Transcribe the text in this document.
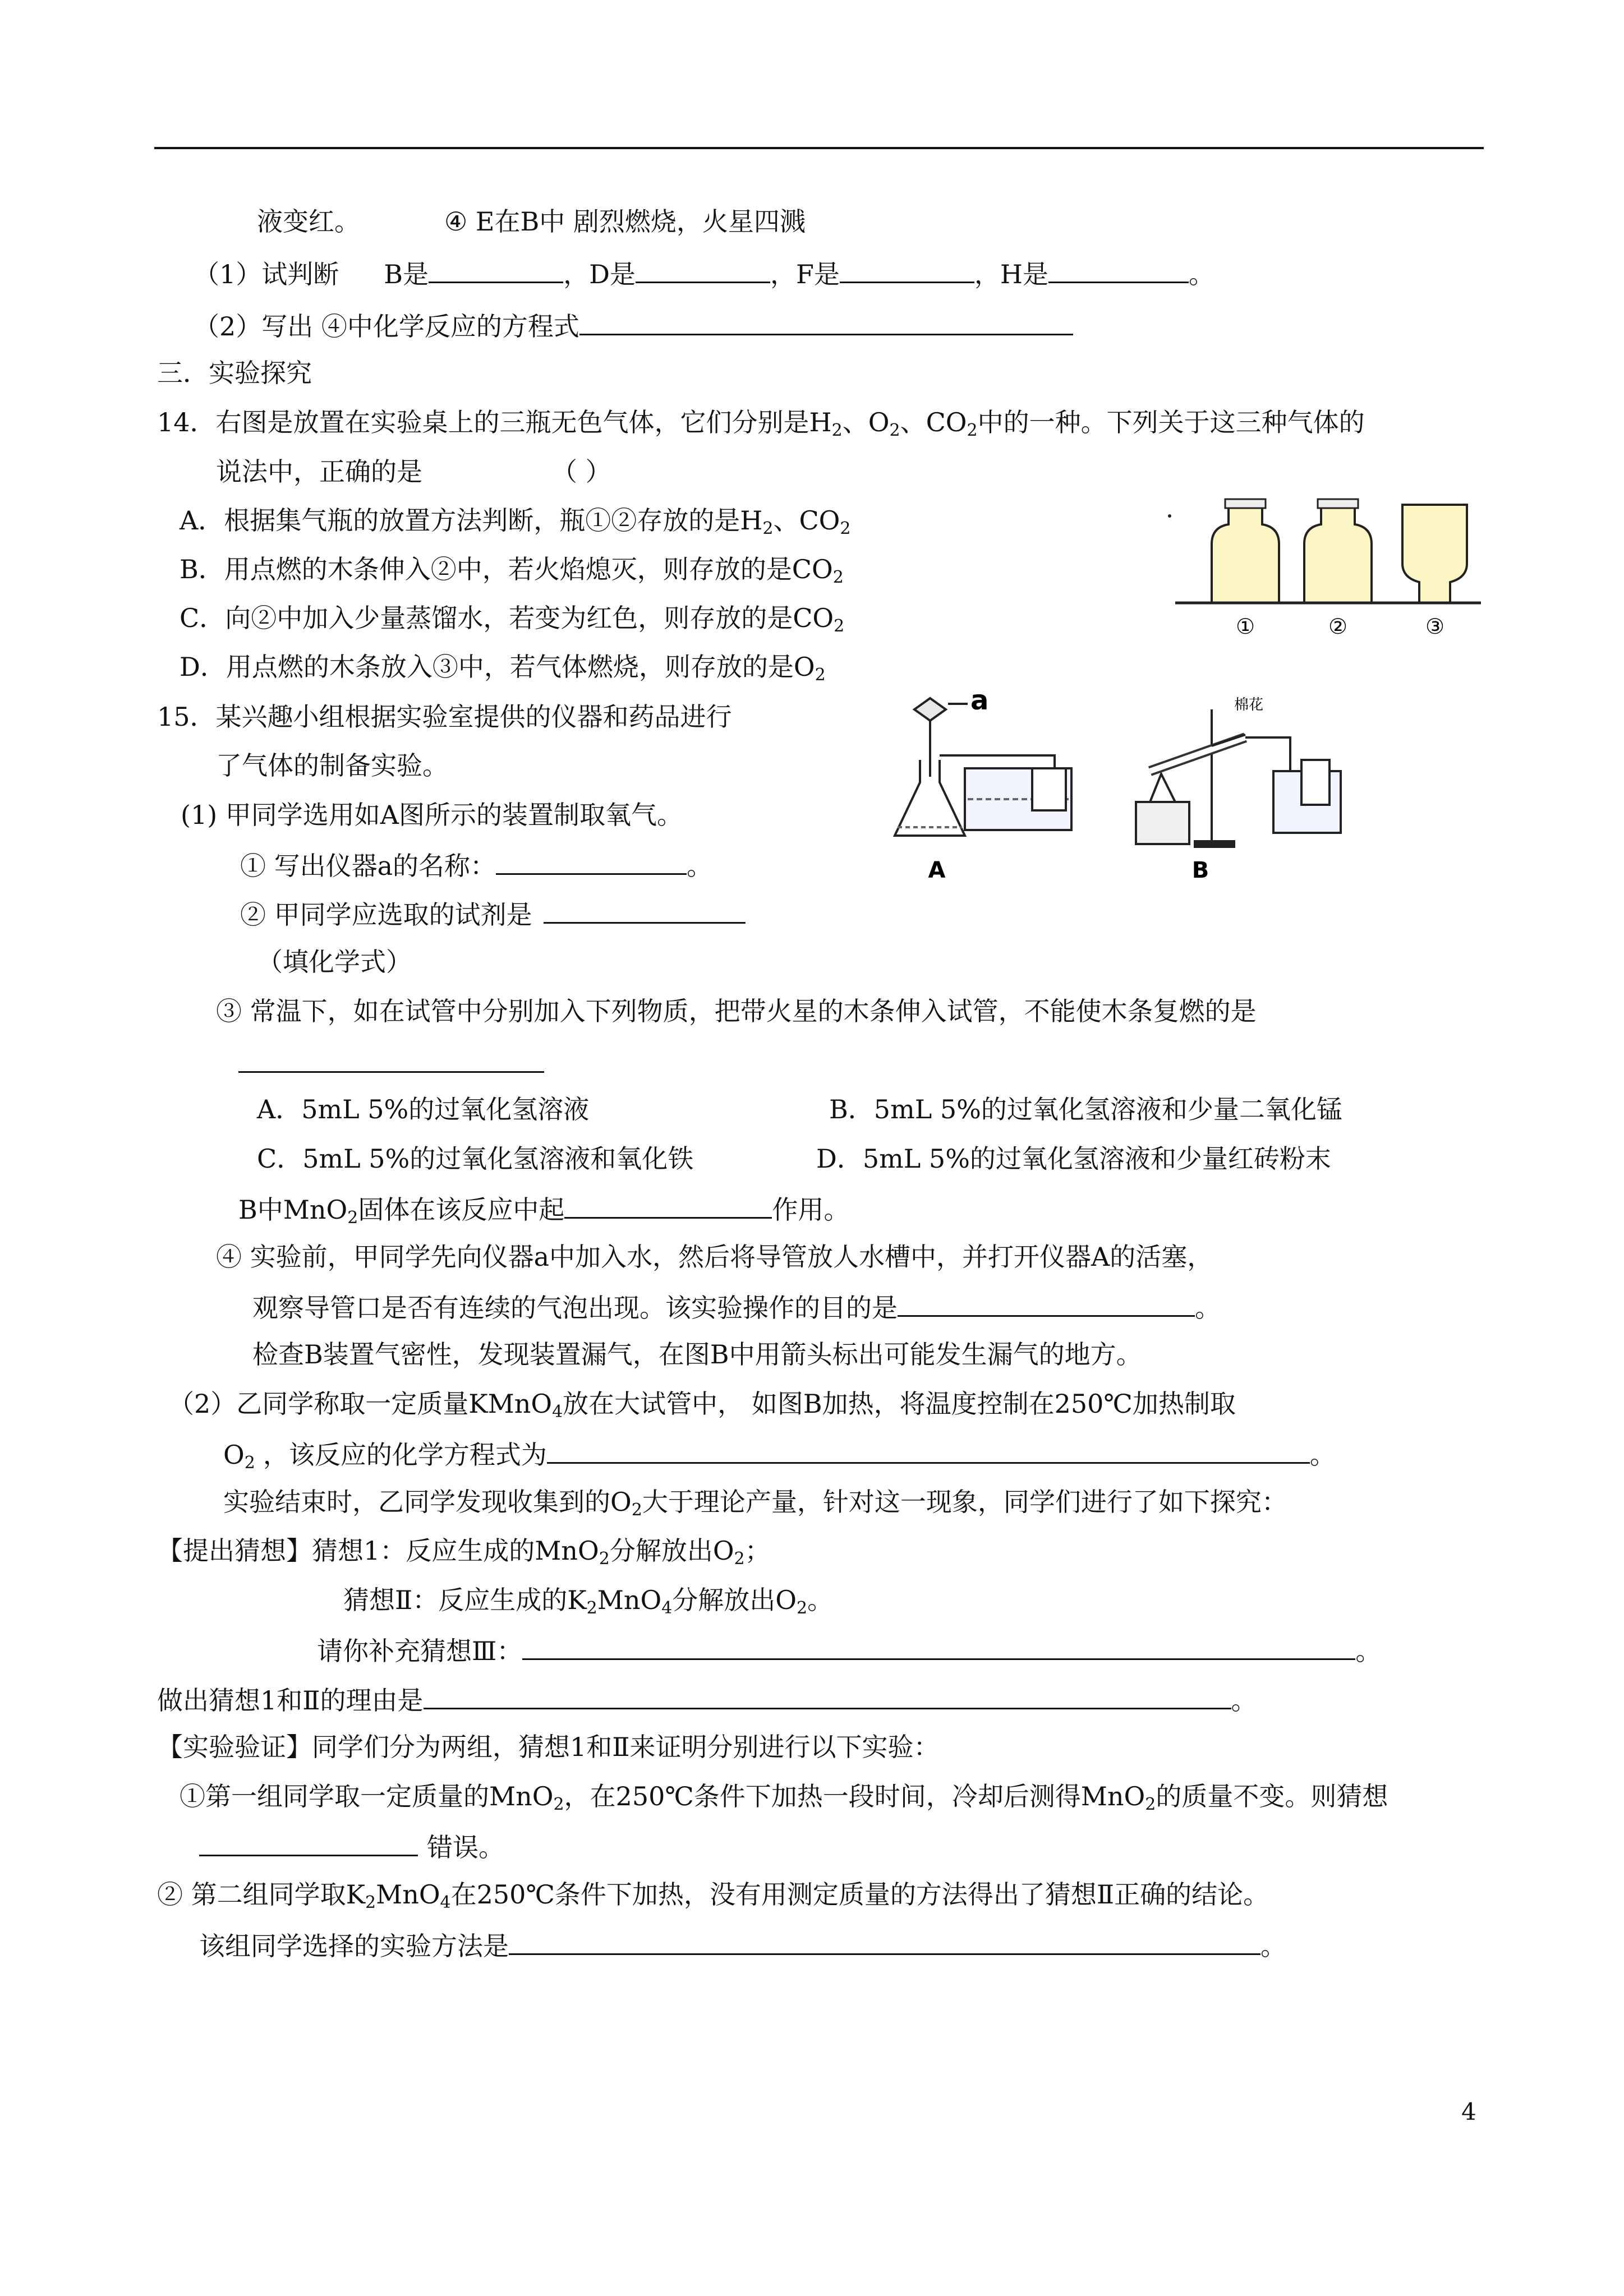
液变红。	④ E在B中 剧烈燃烧，火星四溅
（1）试判断 B是	，D是	，F是	，H是	。
（2）写出 ④中化学反应的方程式
三．实验探究
14．右图是放置在实验桌上的三瓶无色气体，它们分别是$H_2$、$O_2$、$CO_2$中的一种。下列关于这三种气体的
说法中，正确的是	（ ）
A．根据集气瓶的放置方法判断，瓶①②存放的是$H_2$、$CO_2$
B．用点燃的木条伸入②中，若火焰熄灭，则存放的是$CO_2$
C．向②中加入少量蒸馏水，若变为红色，则存放的是$CO_2$
D．用点燃的木条放入③中，若气体燃烧，则存放的是$O_2$
①	②	③
15．某兴趣小组根据实验室提供的仪器和药品进行
了气体的制备实验。
(1) 甲同学选用如A图所示的装置制取氧气。
① 写出仪器a的名称：	。
② 甲同学应选取的试剂是
（填化学式）
a	棉花
A	B
③ 常温下，如在试管中分别加入下列物质，把带火星的木条伸入试管，不能使木条复燃的是
A．5mL 5%的过氧化氢溶液	B．5mL 5%的过氧化氢溶液和少量二氧化锰
C．5mL 5%的过氧化氢溶液和氧化铁	D．5mL 5%的过氧化氢溶液和少量红砖粉末
B中MnO$_2$固体在该反应中起	作用。
④ 实验前，甲同学先向仪器a中加入水，然后将导管放人水槽中，并打开仪器A的活塞，
观察导管口是否有连续的气泡出现。该实验操作的目的是	。
检查B装置气密性，发现装置漏气，在图B中用箭头标出可能发生漏气的地方。
（2）乙同学称取一定质量KMnO$_4$放在大试管中， 如图B加热，将温度控制在250℃加热制取
$O_2$ ，该反应的化学方程式为	。
实验结束时，乙同学发现收集到的$O_2$大于理论产量，针对这一现象，同学们进行了如下探究：
【提出猜想】猜想1：反应生成的MnO$_2$分解放出$O_2$；
猜想Ⅱ：反应生成的$K_2MnO_4$分解放出$O_2$。
请你补充猜想Ⅲ：	。
做出猜想1和Ⅱ的理由是	。
【实验验证】同学们分为两组，猜想1和Ⅱ来证明分别进行以下实验：
①第一组同学取一定质量的MnO$_2$，在250℃条件下加热一段时间，冷却后测得MnO$_2$的质量不变。则猜想
错误。
② 第二组同学取$K_2MnO_4$在250℃条件下加热，没有用测定质量的方法得出了猜想Ⅱ正确的结论。
该组同学选择的实验方法是	。
4
